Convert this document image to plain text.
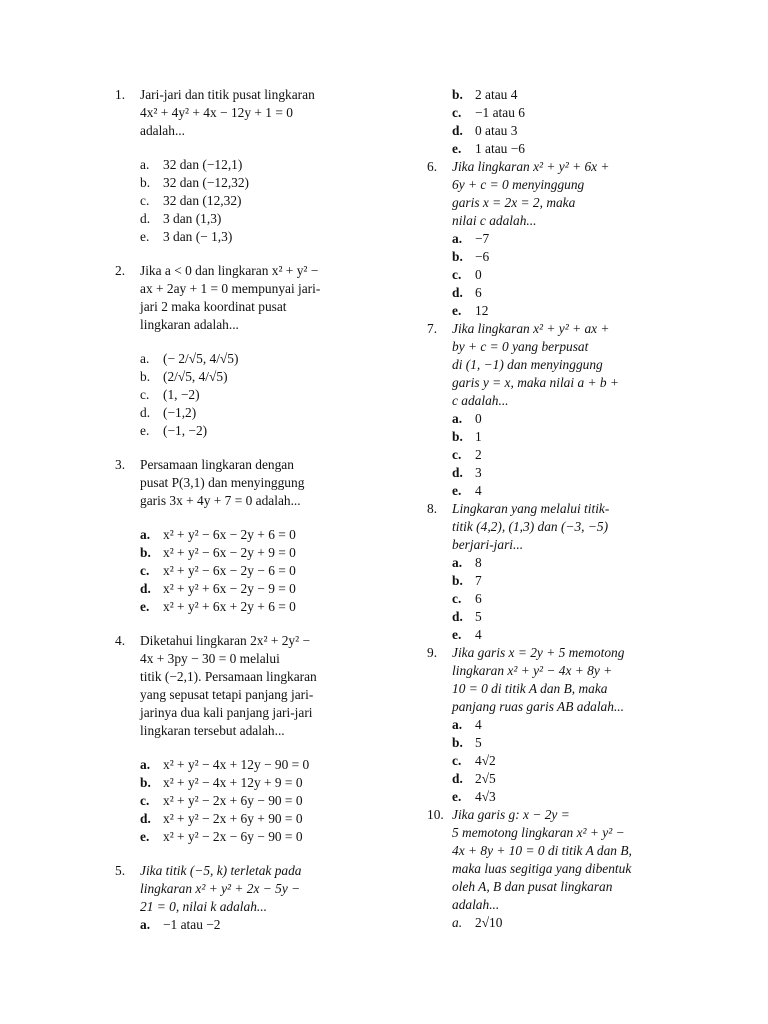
1. Jari-jari dan titik pusat lingkaran
4x² + 4y² + 4x − 12y + 1 = 0
adalah...
a. 32 dan (−12,1)
b. 32 dan (−12,32)
c. 32 dan (12,32)
d. 3 dan (1,3)
e. 3 dan (− 1,3)
2. Jika a < 0 dan lingkaran x² + y² −
ax + 2ay + 1 = 0 mempunyai jari-
jari 2 maka koordinat pusat
lingkaran adalah...
a. (− 2/√5, 4/√5)
b. (2/√5, 4/√5)
c. (1, −2)
d. (−1,2)
e. (−1, −2)
3. Persamaan lingkaran dengan
pusat P(3,1) dan menyinggung
garis 3x + 4y + 7 = 0 adalah...
a. x² + y² − 6x − 2y + 6 = 0
b. x² + y² − 6x − 2y + 9 = 0
c. x² + y² − 6x − 2y − 6 = 0
d. x² + y² + 6x − 2y − 9 = 0
e. x² + y² + 6x + 2y + 6 = 0
4. Diketahui lingkaran 2x² + 2y² −
4x + 3py − 30 = 0 melalui
titik (−2,1). Persamaan lingkaran
yang sepusat tetapi panjang jari-
jarinya dua kali panjang jari-jari
lingkaran tersebut adalah...
a. x² + y² − 4x + 12y − 90 = 0
b. x² + y² − 4x + 12y + 9 = 0
c. x² + y² − 2x + 6y − 90 = 0
d. x² + y² − 2x + 6y + 90 = 0
e. x² + y² − 2x − 6y − 90 = 0
5. Jika titik (−5, k) terletak pada
lingkaran x² + y² + 2x − 5y −
21 = 0, nilai k adalah...
a. −1 atau −2
b. 2 atau 4
c. −1 atau 6
d. 0 atau 3
e. 1 atau −6
6. Jika lingkaran x² + y² + 6x +
6y + c = 0 menyinggung
garis x = 2x = 2, maka
nilai c adalah...
a. −7
b. −6
c. 0
d. 6
e. 12
7. Jika lingkaran x² + y² + ax +
by + c = 0 yang berpusat
di (1, −1) dan menyinggung
garis y = x, maka nilai a + b +
c adalah...
a. 0
b. 1
c. 2
d. 3
e. 4
8. Lingkaran yang melalui titik-
titik (4,2), (1,3) dan (−3, −5)
berjari-jari...
a. 8
b. 7
c. 6
d. 5
e. 4
9. Jika garis x = 2y + 5 memotong
lingkaran x² + y² − 4x + 8y +
10 = 0 di titik A dan B, maka
panjang ruas garis AB adalah...
a. 4
b. 5
c. 4√2
d. 2√5
e. 4√3
10. Jika garis g: x − 2y =
5 memotong lingkaran x² + y² −
4x + 8y + 10 = 0 di titik A dan B,
maka luas segitiga yang dibentuk
oleh A, B dan pusat lingkaran
adalah...
a. 2√10
